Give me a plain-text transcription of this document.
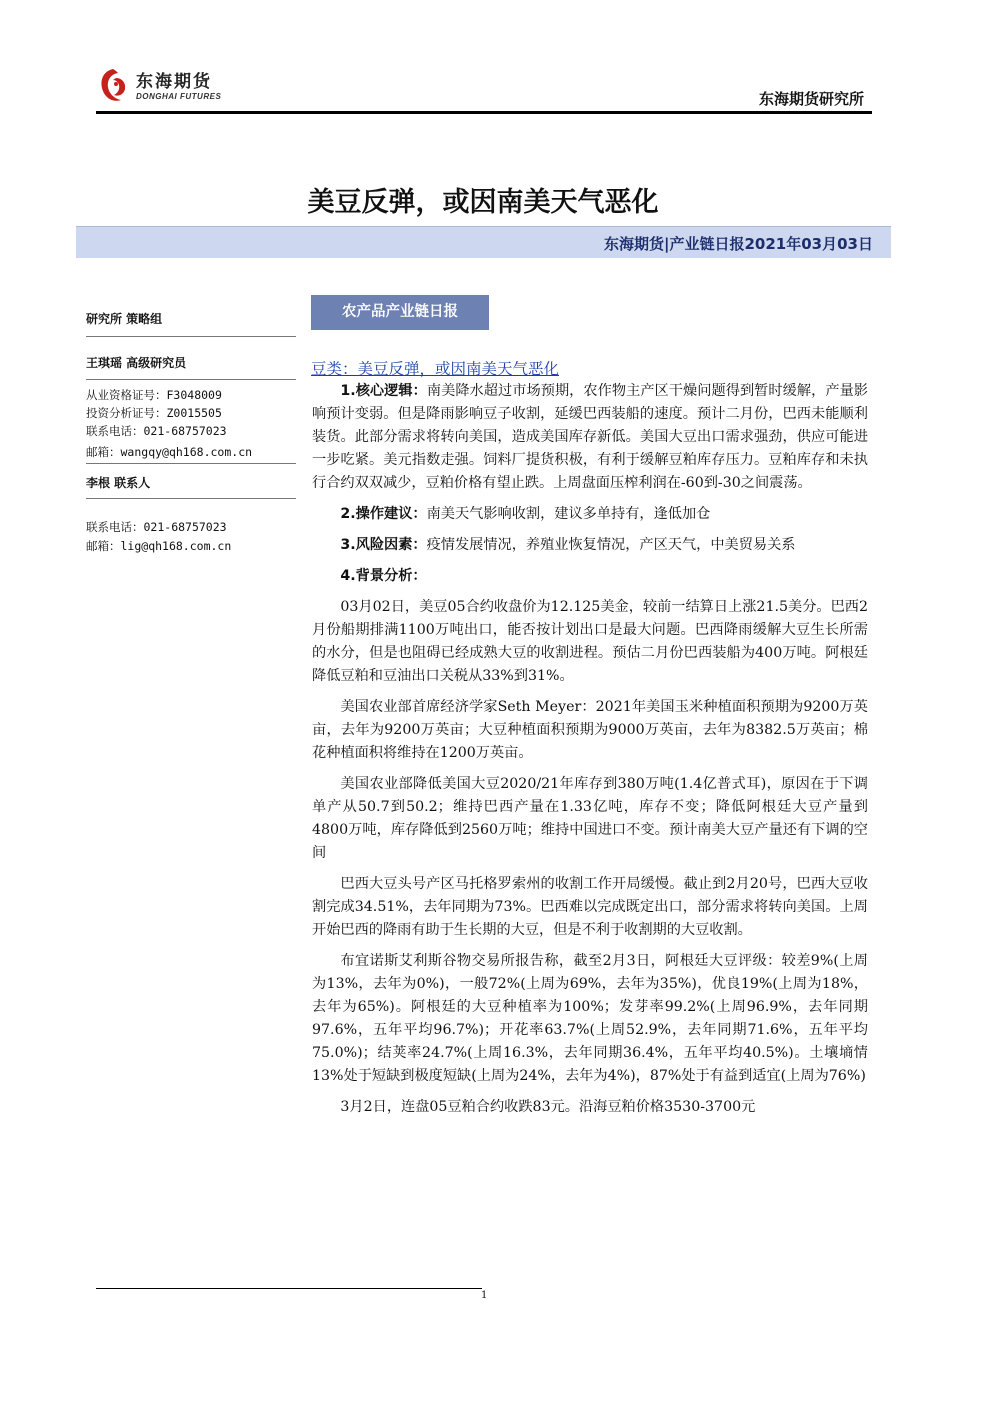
东海期货
DONGHAI FUTURES	东海期货研究所
美豆反弹，或因南美天气恶化
东海期货|产业链日报2021年03月03日
研究所 策略组
王琪瑶 高级研究员
从业资格证号：F3048009
投资分析证号：Z0015505
联系电话：021-68757023
邮箱：wangqy@qh168.com.cn
李根 联系人
联系电话：021-68757023
邮箱：lig@qh168.com.cn
农产品产业链日报
豆类：美豆反弹，或因南美天气恶化

1.核心逻辑：南美降水超过市场预期，农作物主产区干燥问题得到暂时缓解，产量影响预计变弱。但是降雨影响豆子收割，延缓巴西装船的速度。预计二月份，巴西未能顺利装货。此部分需求将转向美国，造成美国库存新低。美国大豆出口需求强劲，供应可能进一步吃紧。美元指数走强。饲料厂提货积极，有利于缓解豆粕库存压力。豆粕库存和未执行合约双双减少，豆粕价格有望止跌。上周盘面压榨利润在-60到-30之间震荡。

2.操作建议：南美天气影响收割，建议多单持有，逢低加仓

3.风险因素：疫情发展情况，养殖业恢复情况，产区天气，中美贸易关系

4.背景分析：

03月02日，美豆05合约收盘价为12.125美金，较前一结算日上涨21.5美分。巴西2月份船期排满1100万吨出口，能否按计划出口是最大问题。巴西降雨缓解大豆生长所需的水分，但是也阻碍已经成熟大豆的收割进程。预估二月份巴西装船为400万吨。阿根廷降低豆粕和豆油出口关税从33%到31%。

美国农业部首席经济学家Seth Meyer：2021年美国玉米种植面积预期为9200万英亩，去年为9200万英亩；大豆种植面积预期为9000万英亩，去年为8382.5万英亩；棉花种植面积将维持在1200万英亩。

美国农业部降低美国大豆2020/21年库存到380万吨(1.4亿普式耳)，原因在于下调单产从50.7到50.2；维持巴西产量在1.33亿吨，库存不变；降低阿根廷大豆产量到4800万吨，库存降低到2560万吨；维持中国进口不变。预计南美大豆产量还有下调的空间

巴西大豆头号产区马托格罗索州的收割工作开局缓慢。截止到2月20号，巴西大豆收割完成34.51%，去年同期为73%。巴西难以完成既定出口，部分需求将转向美国。上周开始巴西的降雨有助于生长期的大豆，但是不利于收割期的大豆收割。

布宜诺斯艾利斯谷物交易所报告称，截至2月3日，阿根廷大豆评级：较差9%(上周为13%，去年为0%)，一般72%(上周为69%，去年为35%)，优良19%(上周为18%，去年为65%)。阿根廷的大豆种植率为100%；发芽率99.2%(上周96.9%，去年同期97.6%，五年平均96.7%)；开花率63.7%(上周52.9%，去年同期71.6%，五年平均75.0%)；结荚率24.7%(上周16.3%，去年同期36.4%，五年平均40.5%)。土壤墒情13%处于短缺到极度短缺(上周为24%，去年为4%)，87%处于有益到适宜(上周为76%)

3月2日，连盘05豆粕合约收跌83元。沿海豆粕价格3530-3700元

1
